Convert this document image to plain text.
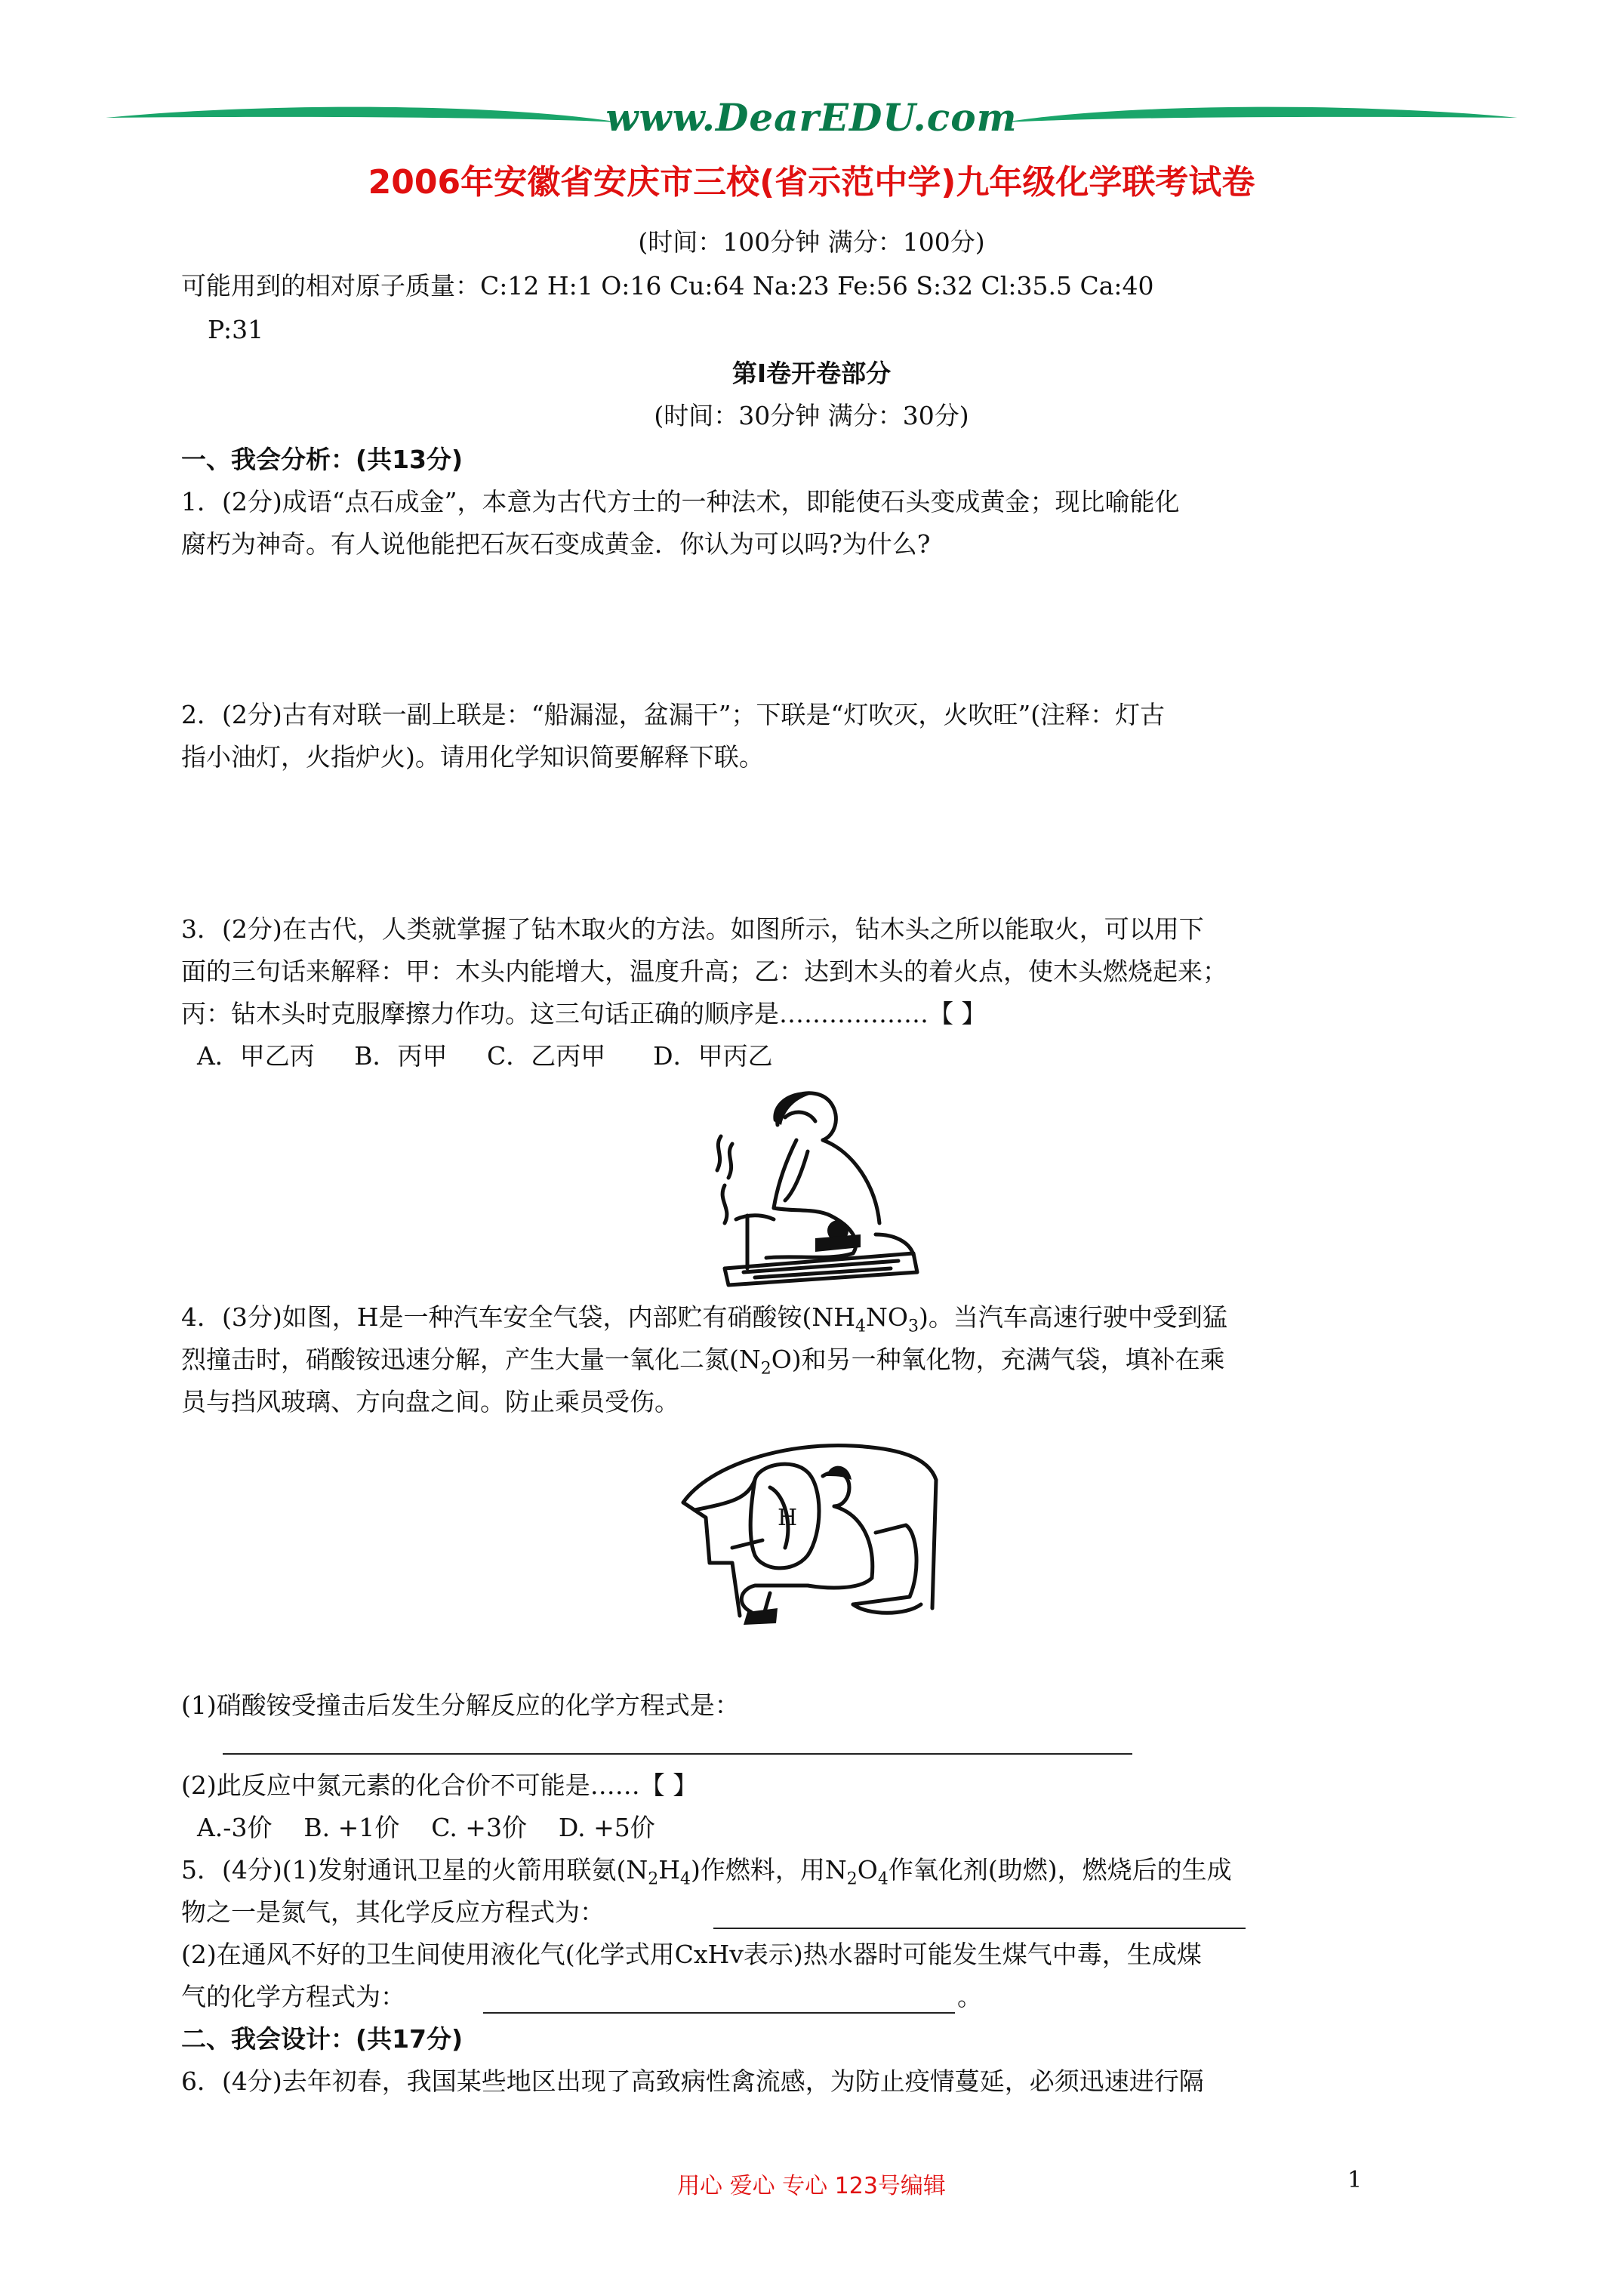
www.DearEDU.com
2006年安徽省安庆市三校(省示范中学)九年级化学联考试卷
(时间：100分钟 满分：100分)
可能用到的相对原子质量：C:12 H:1 O:16 Cu:64 Na:23 Fe:56 S:32 Cl:35.5 Ca:40
P:31
第Ⅰ卷开卷部分
(时间：30分钟 满分：30分)
一、我会分析：(共13分)
1．(2分)成语“点石成金”，本意为古代方士的一种法术，即能使石头变成黄金；现比喻能化
腐朽为神奇。有人说他能把石灰石变成黄金．你认为可以吗?为什么?
2．(2分)古有对联一副上联是：“船漏湿，盆漏干”；下联是“灯吹灭，火吹旺”(注释：灯古
指小油灯，火指炉火)。请用化学知识简要解释下联。
3．(2分)在古代，人类就掌握了钻木取火的方法。如图所示，钻木头之所以能取火，可以用下
面的三句话来解释：甲：木头内能增大，温度升高；乙：达到木头的着火点，使木头燃烧起来；
丙：钻木头时克服摩擦力作功。这三句话正确的顺序是………………【 】
A．甲乙丙     B．丙甲     C．乙丙甲      D．甲丙乙
4．(3分)如图，H是一种汽车安全气袋，内部贮有硝酸铵$(NH_4NO_3)$。当汽车高速行驶中受到猛
烈撞击时，硝酸铵迅速分解，产生大量一氧化二氮$(N_2O)$和另一种氧化物，充满气袋，填补在乘
员与挡风玻璃、方向盘之间。防止乘员受伤。
H
(1)硝酸铵受撞击后发生分解反应的化学方程式是：
(2)此反应中氮元素的化合价不可能是……【 】
A.-3价    B. +1价    C. +3价    D. +5价
5．(4分)(1)发射通讯卫星的火箭用联氨$(N_2H_4)$作燃料，用$N_2O_4$作氧化剂(助燃)，燃烧后的生成
物之一是氮气，其化学反应方程式为：
(2)在通风不好的卫生间使用液化气(化学式用CxHv表示)热水器时可能发生煤气中毒，生成煤
气的化学方程式为：	。
二、我会设计：(共17分)
6．(4分)去年初春，我国某些地区出现了高致病性禽流感，为防止疫情蔓延，必须迅速进行隔
用心 爱心 专心 123号编辑	1
